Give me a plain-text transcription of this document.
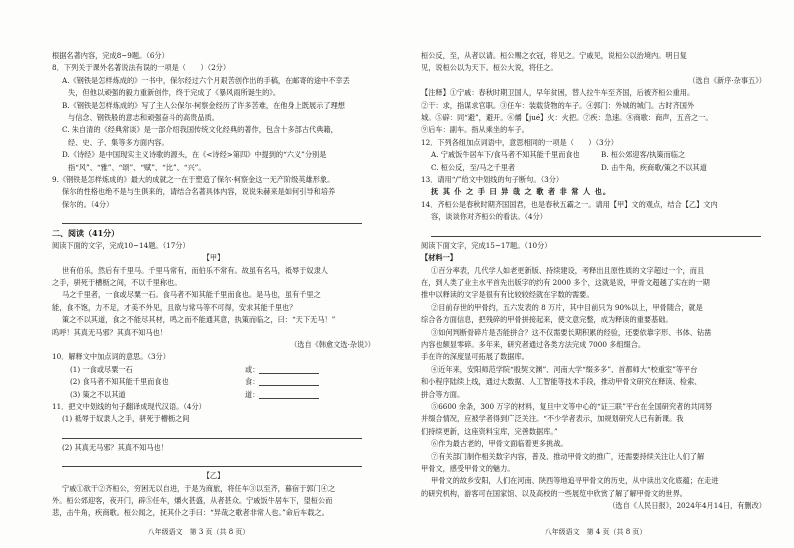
根据名著内容，完成8~9题。（6分）

8．下列关于课外名著说法有误的一项是（　　）（2分）

A.《钢铁是怎样炼成的》一书中，保尔经过六个月艰苦创作出的手稿，在邮寄的途中不幸丢

失，但他以顽强的毅力重新创作，终于完成了《暴风雨所诞生的》。

B.《钢铁是怎样炼成的》写了主人公保尔·柯察金经历了许多苦难，在他身上既展示了理想

与信念、钢铁般的意志和顽强奋斗的高贵品质。

C. 朱自清的《经典常谈》是一部介绍我国传统文化经典的著作，包含十多部古代典籍，

经、史、子、集等多方面内容。

D.《诗经》是中国现实主义诗歌的源头，在《<诗经>第四》中提到的“六义”分别是

指“风”、“雅”、“颂”、“赋”、“比”、“兴”。

9.《钢铁是怎样炼成的》最大的成就之一在于塑造了保尔·柯察金这一无产阶级英雄形象。

保尔的性格也绝不是与生俱来的，请结合名著具体内容，说说朱赫来是如何引导和培养

保尔的。（4分）

二、阅读（41分）

阅读下面的文字，完成10~14题。（17分）

【甲】

世有伯乐，然后有千里马。千里马常有，而伯乐不常有。故虽有名马，祗辱于奴隶人

之手，骈死于槽枥之间，不以千里称也。

马之千里者，一食或尽粟一石。食马者不知其能千里而食也。是马也，虽有千里之

能，食不饱，力不足，才美不外见，且欲与常马等不可得，安求其能千里也？

策之不以其道，食之不能尽其材，鸣之而不能通其意，执策而临之，曰：“天下无马！”

呜呼！其真无马邪？其真不知马也！

（选自《韩愈文选·杂说》）

10．解释文中加点词的意思。（3分）

(1) 一食或尽粟一石	或：
(2) 食马者不知其能千里而食也	食：
(3) 策之不以其道	道：

11．把文中划线的句子翻译成现代汉语。（4分）

(1) 祗辱于奴隶人之手，骈死于槽枥之间

(2) 其真无马邪？其真不知马也！

【乙】

宁戚①欲干②齐桓公，穷困无以自进，于是为商旅，将任车③以至齐，暮宿于郭门④之

外。桓公郊迎客，夜开门，辟⑤任车，爝火甚盛，从者甚众。宁戚饭牛居车下，望桓公而

悲，击牛角，疾商歌。桓公闻之，抚其仆之手曰：“异哉之歌者非常人也。”命后车载之。

八年级语文　第 3 页（共 8 页）

桓公反，至，从者以请。桓公赐之衣冠，将见之。宁戚见，说桓公以治境内。明日复

见，说桓公以为天下。桓公大说，将任之。

（选自《新序·杂事五》）

【注释】①宁戚：春秋时期卫国人，早年贫困，替人拉牛车至齐国，后被齐桓公重用。

②干：求，指谋求官职。③任车：装载货物的车子。④郭门：外城的城门。古时齐国外

城。⑤辟：同“避”，避开。⑥爝【jué】火：火把。⑦疾：急速。⑧商歌：商声，五音之一。

⑨后车：副车。指从乘坐的车子。

12．下列各组加点词语中，意思相同的一项是（　　）（3分）

A. 宁戚饭牛居车下/食马者不知其能千里而食也	B. 桓公郊迎客/执策而临之

C. 桓公反，至/马之千里者	D. 击牛角，疾商歌/策之不以其道

13．请用“/”给文中划线的句子断句。（3分）

抚 其 仆 之 手 曰 异 哉 之 歌 者 非 常 人 也。

14．齐桓公是春秋时期齐国国君，也是春秋五霸之一。请用【甲】文的观点，结合【乙】文内

容，谈谈你对齐桓公的看法。（4分）

阅读下面文字，完成15~17题。（10分）

【材料一】

①百分率表，几代学人如老更新版、持续建设，考释出且原性质的文字超过一个，而且

在，到人类了业主水平首先出版字的约有 2000 多个，这就是说，甲骨文超越了实在的一期

推中以释读的文字是很有有比较较经就在字数的需要。

②目前存世的甲骨约，五六发表的 8 万片，其中目前只为 90%以上，甲骨随合，就是

综合各方面信息，把残碎的甲骨拼接起来，使文意完整，成为释读的重要基础。

③如何判断骨碎片是否能拼合？这不仅需要长期积累的经验，还要依靠字形、书体、钻凿

内容也颇显零碎。多年来，研究者通过各类方法完成 7000 多组缀合。

手在许的深度显可拓展了数据库。

④近年来，安阳师范学院“殷契文渊”、河南大学“缀多多”、首都师大“校重室”等平台

和小程序陆续上线，通过大数据、人工智能等技术手段，推动甲骨文研究在释读、检索、

拼合等方面。

⑤6600 余条，300 万字的材料，复旦中文等中心的“证三联”平台在全国研究者的共同努

并缀合情况，应被学者得到广泛关注。“不少学者表示，加规划研究人已有新课。我

们持续更新，这座资料宝库，完善数据库。”

⑥作为最古老的，甲骨文面临着更多挑战。

⑦有关部门制作相关数字内容，普及、推动甲骨文的推广，还需要持续关注让人们了解

甲骨文，感受甲骨文的魅力。

甲骨文的故乡安阳，人们在河南、陕西等地追寻甲骨文的历史，从中读出文化底蕴；在走进

的研究机构，游客可在国家馆、以及高校的一些展览中欣赏了解了解甲骨文的世界。

（选自《人民日报》，2024年4月14日，有删改）

八年级语文　第 4 页（共 8 页）
